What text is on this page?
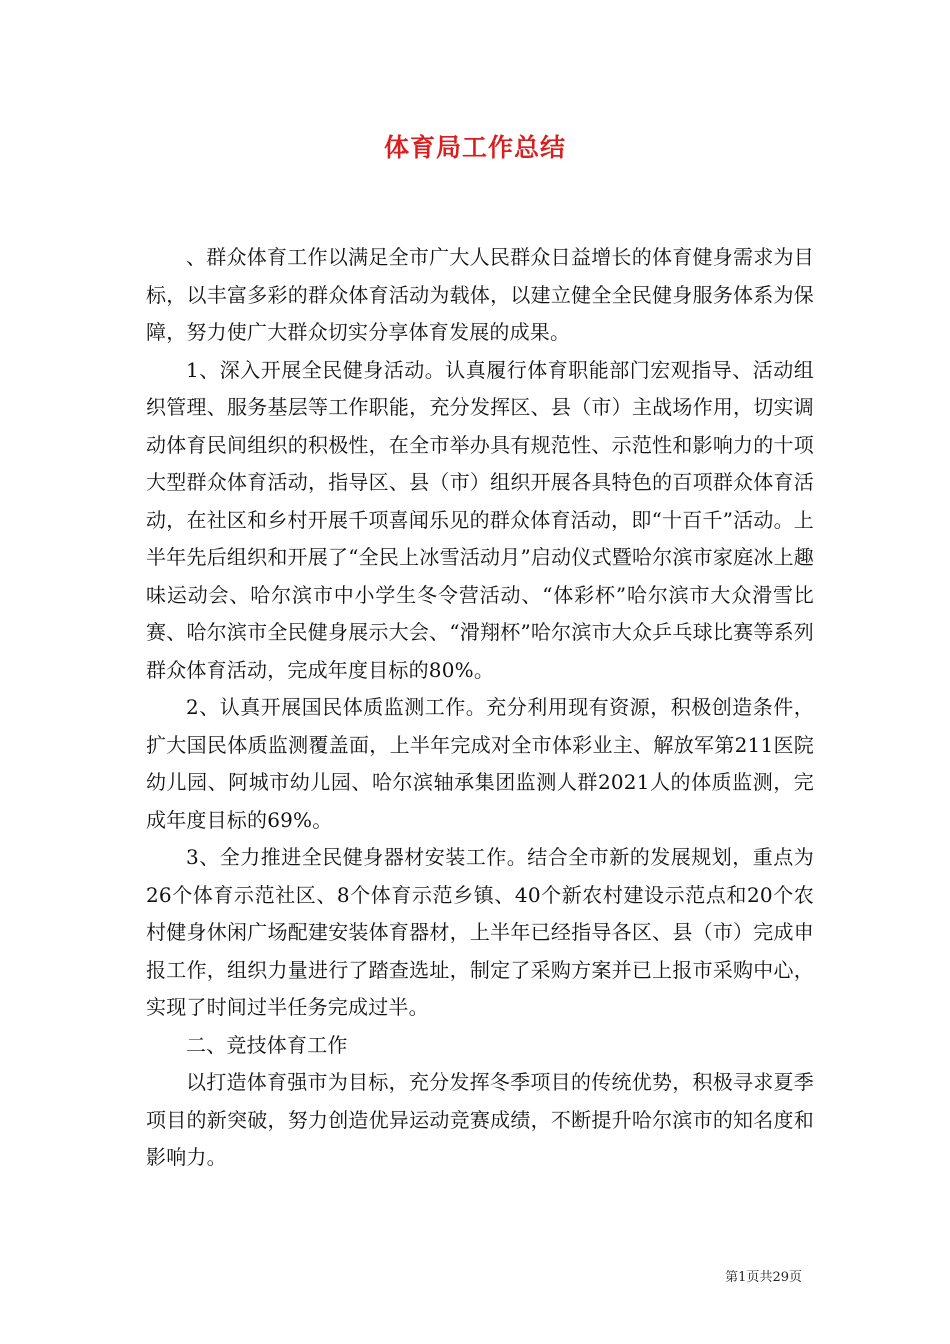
体育局工作总结

、群众体育工作以满足全市广大人民群众日益增长的体育健身需求为目标，以丰富多彩的群众体育活动为载体，以建立健全全民健身服务体系为保障，努力使广大群众切实分享体育发展的成果。

1、深入开展全民健身活动。认真履行体育职能部门宏观指导、活动组织管理、服务基层等工作职能，充分发挥区、县（市）主战场作用，切实调动体育民间组织的积极性，在全市举办具有规范性、示范性和影响力的十项大型群众体育活动，指导区、县（市）组织开展各具特色的百项群众体育活动，在社区和乡村开展千项喜闻乐见的群众体育活动，即“十百千”活动。上半年先后组织和开展了“全民上冰雪活动月”启动仪式暨哈尔滨市家庭冰上趣味运动会、哈尔滨市中小学生冬令营活动、“体彩杯”哈尔滨市大众滑雪比赛、哈尔滨市全民健身展示大会、“滑翔杯”哈尔滨市大众乒乓球比赛等系列群众体育活动，完成年度目标的80%。

2、认真开展国民体质监测工作。充分利用现有资源，积极创造条件，扩大国民体质监测覆盖面，上半年完成对全市体彩业主、解放军第211医院幼儿园、阿城市幼儿园、哈尔滨轴承集团监测人群2021人的体质监测，完成年度目标的69%。

3、全力推进全民健身器材安装工作。结合全市新的发展规划，重点为26个体育示范社区、8个体育示范乡镇、40个新农村建设示范点和20个农村健身休闲广场配建安装体育器材，上半年已经指导各区、县（市）完成申报工作，组织力量进行了踏查选址，制定了采购方案并已上报市采购中心，实现了时间过半任务完成过半。

二、竞技体育工作

以打造体育强市为目标，充分发挥冬季项目的传统优势，积极寻求夏季项目的新突破，努力创造优异运动竞赛成绩，不断提升哈尔滨市的知名度和影响力。

第1页共29页
